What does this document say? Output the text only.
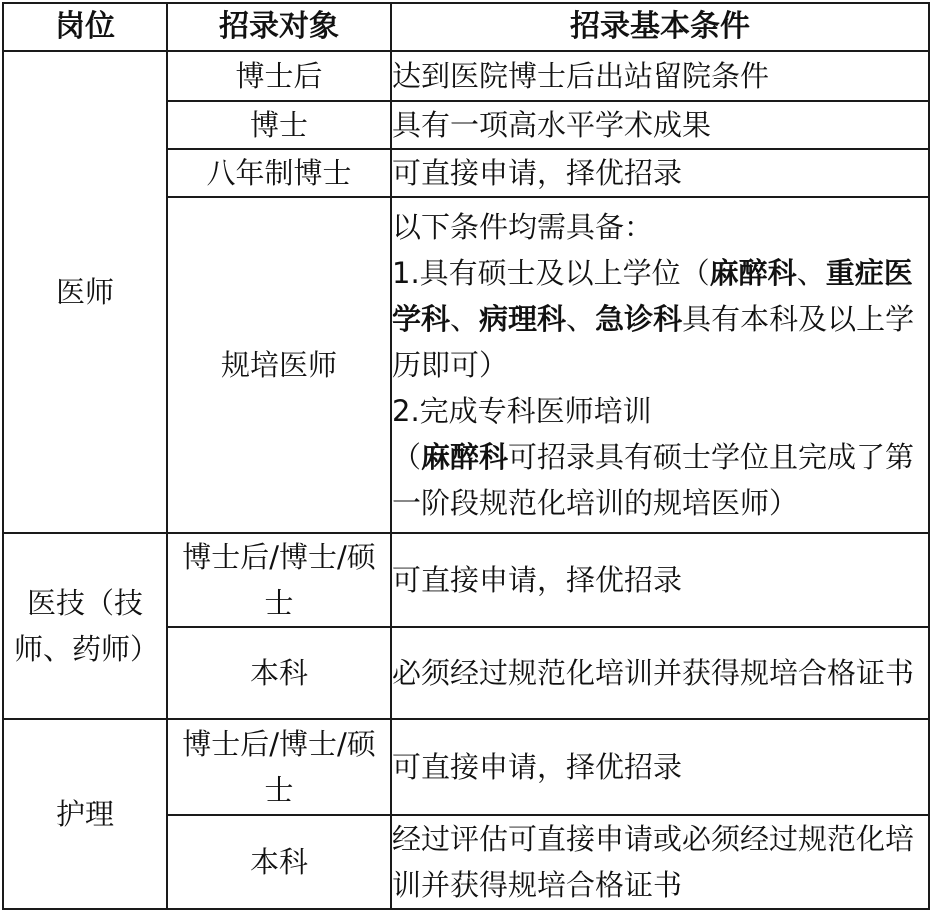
岗位	招录对象	招录基本条件
医师	博士后	达到医院博士后出站留院条件
	博士	具有一项高水平学术成果
	八年制博士	可直接申请，择优招录
	规培医师	以下条件均需具备：

1.具有硕士及以上学位（麻醉科、重症医学科、病理科、急诊科具有本科及以上学历即可）

2.完成专科医师培训

（麻醉科可招录具有硕士学位且完成了第一阶段规范化培训的规培医师）

医技（技师、药师）	博士后/博士/硕士	可直接申请，择优招录
	本科	必须经过规范化培训并获得规培合格证书
护理	博士后/博士/硕士	可直接申请，择优招录
	本科	经过评估可直接申请或必须经过规范化培训并获得规培合格证书
